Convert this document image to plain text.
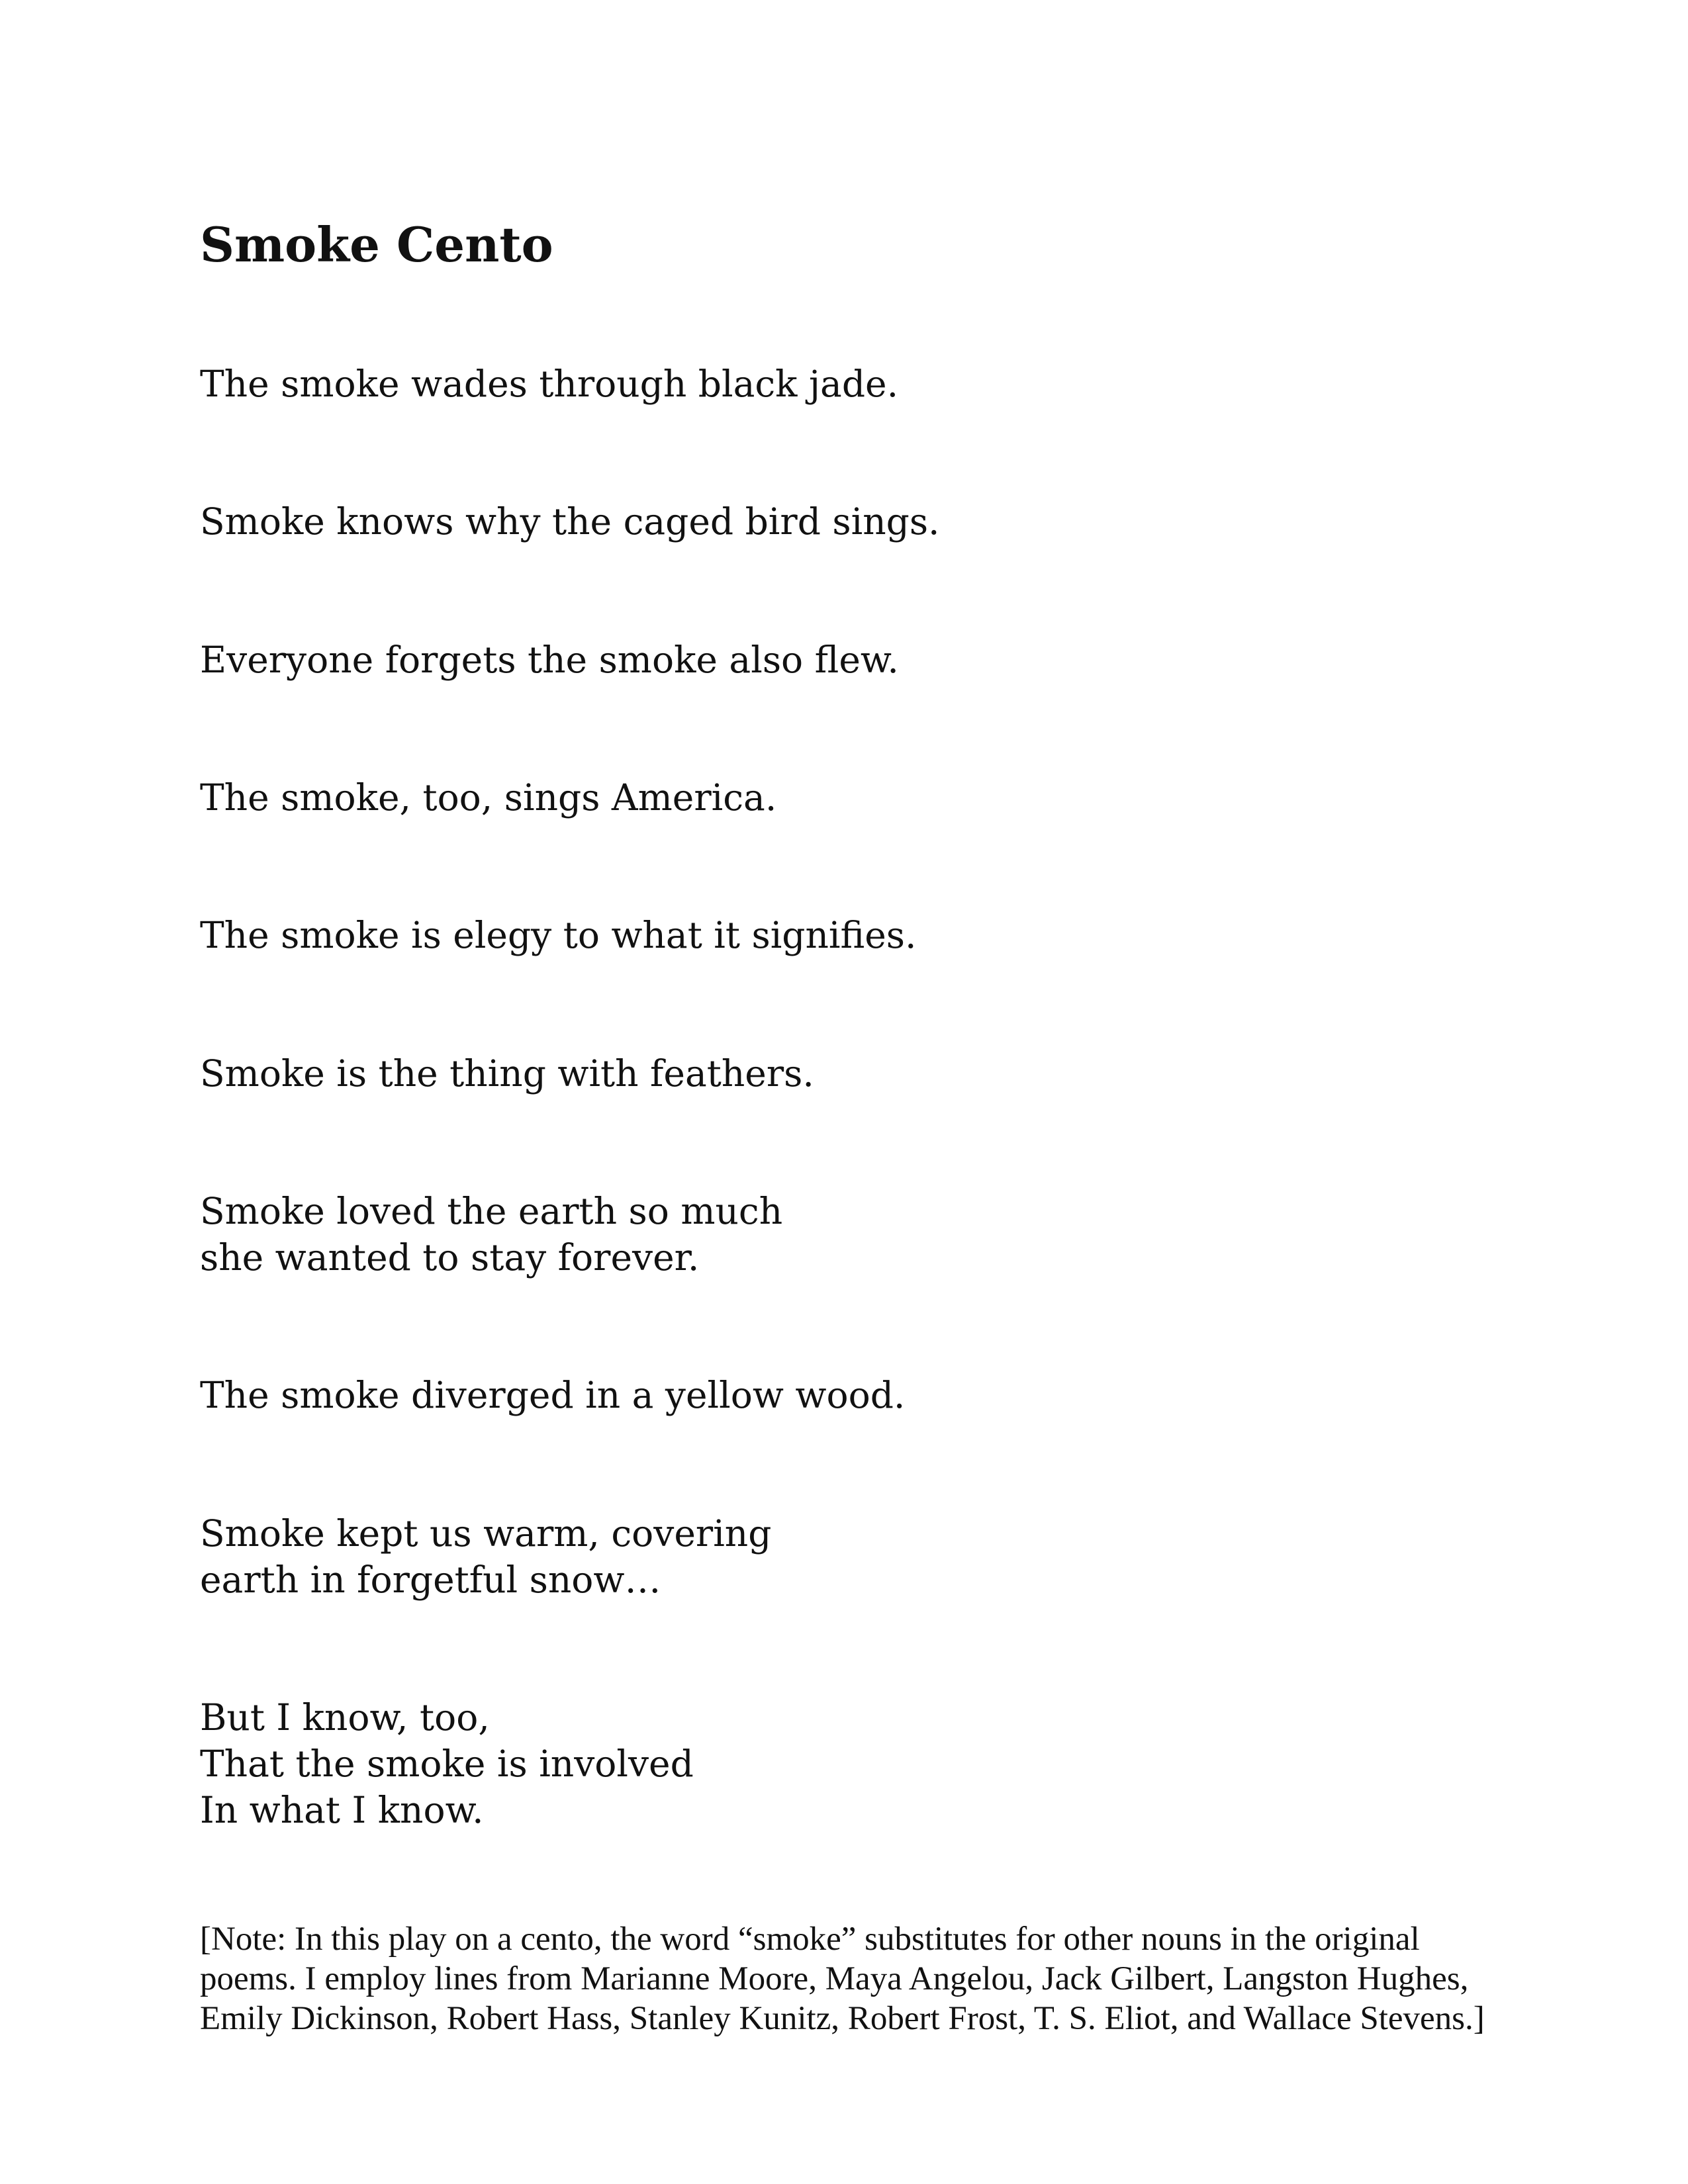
Smoke Cento

The smoke wades through black jade.

Smoke knows why the caged bird sings.

Everyone forgets the smoke also flew.

The smoke, too, sings America.

The smoke is elegy to what it signifies.

Smoke is the thing with feathers.

Smoke loved the earth so much
she wanted to stay forever.

The smoke diverged in a yellow wood.

Smoke kept us warm, covering
earth in forgetful snow…

But I know, too,
That the smoke is involved
In what I know.

[Note: In this play on a cento, the word “smoke” substitutes for other nouns in the original
poems. I employ lines from Marianne Moore, Maya Angelou, Jack Gilbert, Langston Hughes,
Emily Dickinson, Robert Hass, Stanley Kunitz, Robert Frost, T. S. Eliot, and Wallace Stevens.]
